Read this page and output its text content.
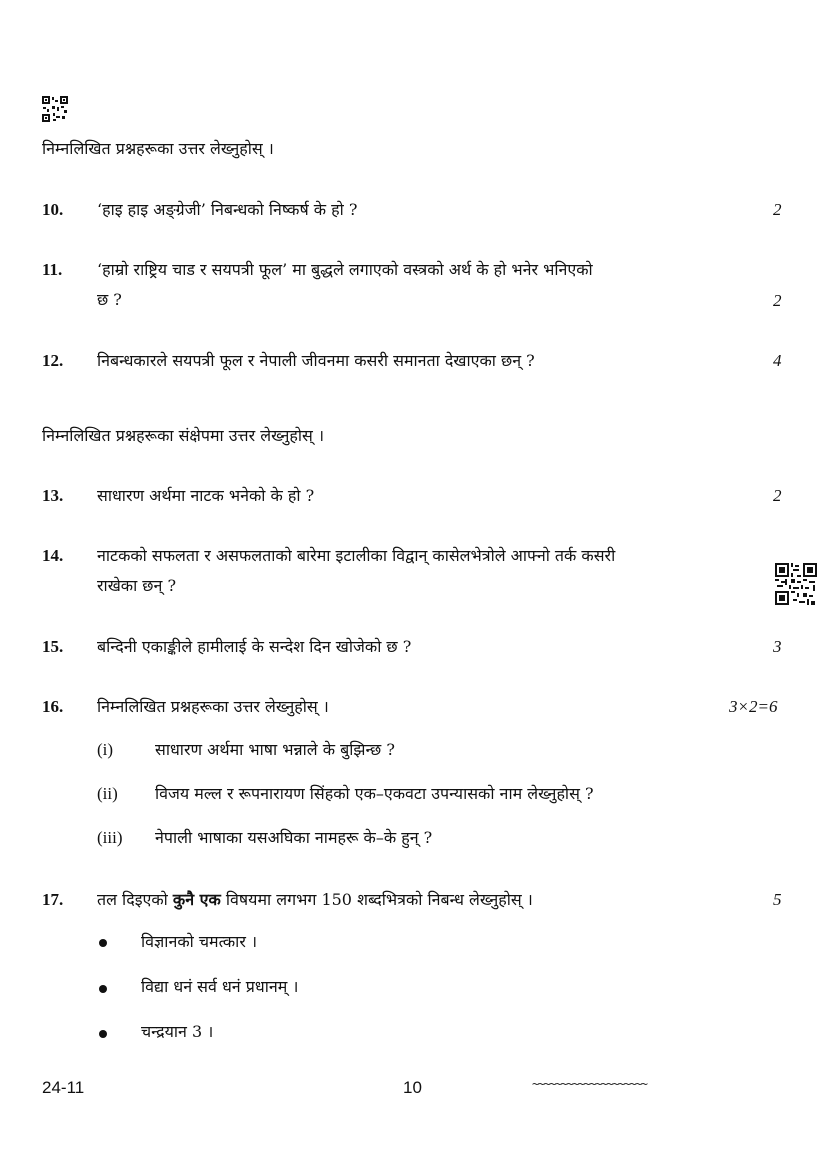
निम्नलिखित प्रश्नहरूका उत्तर लेख्नुहोस् ।
10. ‘हाइ हाइ अङ्ग्रेजी’ निबन्धको निष्कर्ष के हो ?	2
11. ‘हाम्रो राष्ट्रिय चाड र सयपत्री फूल’ मा बुद्धले लगाएको वस्त्रको अर्थ के हो भनेर भनिएको
छ ?	2
12. निबन्धकारले सयपत्री फूल र नेपाली जीवनमा कसरी समानता देखाएका छन् ?	4
निम्नलिखित प्रश्नहरूका संक्षेपमा उत्तर लेख्नुहोस् ।
13. साधारण अर्थमा नाटक भनेको के हो ?	2
14. नाटकको सफलता र असफलताको बारेमा इटालीका विद्वान् कासेलभेत्रोले आफ्नो तर्क कसरी
राखेका छन् ?
15. बन्दिनी एकाङ्कीले हामीलाई के सन्देश दिन खोजेको छ ?	3
16. निम्नलिखित प्रश्नहरूका उत्तर लेख्नुहोस् ।	3×2=6
(i)	साधारण अर्थमा भाषा भन्नाले के बुझिन्छ ?
(ii) विजय मल्ल र रूपनारायण सिंहको एक–एकवटा उपन्यासको नाम लेख्नुहोस् ?
(iii) नेपाली भाषाका यसअघिका नामहरू के–के हुन् ?
17. तल दिइएको कुनै एक विषयमा लगभग 150 शब्दभित्रको निबन्ध लेख्नुहोस् ।	5
विज्ञानको चमत्कार ।
विद्या धनं सर्व धनं प्रधानम् ।
चन्द्रयान 3 ।
24-11	10	~~~~~~~~~~~~~~~~~~~~
